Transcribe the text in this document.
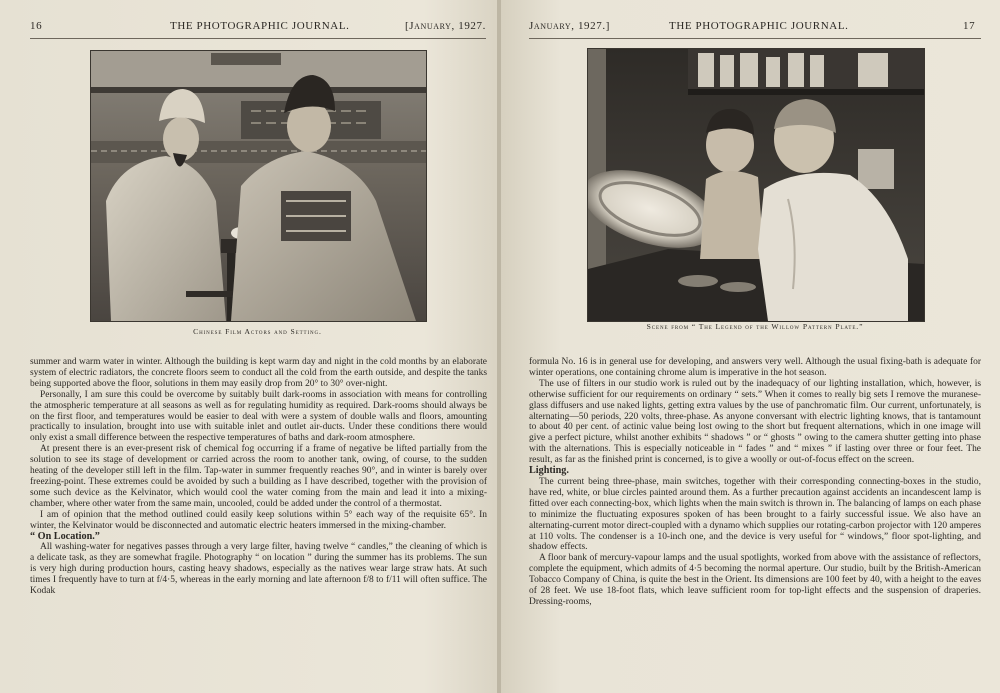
16	THE PHOTOGRAPHIC JOURNAL.	[January, 1927.
Chinese Film Actors and Setting.

summer and warm water in winter. Although the building is kept warm day and night in the cold months by an elaborate system of electric radiators, the concrete floors seem to conduct all the cold from the earth outside, and despite the tanks being supported above the floor, solutions in them may easily drop from 20° to 30° over-night.

Personally, I am sure this could be overcome by suitably built dark-rooms in association with means for controlling the atmospheric temperature at all seasons as well as for regulating humidity as required. Dark-rooms should always be on the first floor, and temperatures would be easier to deal with were a system of double walls and floors, amounting practically to insulation, brought into use with suitable inlet and outlet air-ducts. Under these conditions there would only exist a small difference between the respective temperatures of baths and dark-room atmosphere.

At present there is an ever-present risk of chemical fog occurring if a frame of negative be lifted partially from the solution to see its stage of development or carried across the room to another tank, owing, of course, to the sudden heating of the developer still left in the film. Tap-water in summer frequently reaches 90°, and in winter is barely over freezing-point. These extremes could be avoided by such a building as I have described, together with the provision of some such device as the Kelvinator, which would cool the water coming from the main and lead it into a mixing-chamber, where other water from the same main, uncooled, could be added under the control of a thermostat.

I am of opinion that the method outlined could easily keep solutions within 5° each way of the requisite 65°. In winter, the Kelvinator would be disconnected and automatic electric heaters immersed in the mixing-chamber.

“ On Location.”

All washing-water for negatives passes through a very large filter, having twelve “ candles,” the cleaning of which is a delicate task, as they are somewhat fragile. Photography “ on location ” during the summer has its problems. The sun is very high during production hours, casting heavy shadows, especially as the natives wear large straw hats. At such times I frequently have to turn at f/4·5, whereas in the early morning and late afternoon f/8 to f/11 will often suffice. The Kodak

January, 1927.]	THE PHOTOGRAPHIC JOURNAL.	17
Scene from “ The Legend of the Willow Pattern Plate.”

formula No. 16 is in general use for developing, and answers very well. Although the usual fixing-bath is adequate for winter operations, one containing chrome alum is imperative in the hot season.

The use of filters in our studio work is ruled out by the inadequacy of our lighting installation, which, however, is otherwise sufficient for our requirements on ordinary “ sets.” When it comes to really big sets I remove the muranese-glass diffusers and use naked lights, getting extra values by the use of panchromatic film. Our current, unfortunately, is alternating—50 periods, 220 volts, three-phase. As anyone conversant with electric lighting knows, that is tantamount to about 40 per cent. of actinic value being lost owing to the short but frequent alternations, which in one image will give a perfect picture, whilst another exhibits “ shadows ” or “ ghosts ” owing to the camera shutter getting into phase with the alternations. This is especially noticeable in “ fades ” and “ mixes ” if lasting over three or four feet. The result, as far as the finished print is concerned, is to give a woolly or out-of-focus effect on the screen.

Lighting.

The current being three-phase, main switches, together with their corresponding connecting-boxes in the studio, have red, white, or blue circles painted around them. As a further precaution against accidents an incandescent lamp is fitted over each connecting-box, which lights when the main switch is thrown in. The balancing of lamps on each phase to minimize the fluctuating exposures spoken of has been brought to a fairly successful issue. We also have an alternating-current motor direct-coupled with a dynamo which supplies our rotating-carbon projector with 120 amperes at 110 volts. The condenser is a 10-inch one, and the device is very useful for “ windows,” floor spot-lighting, and shadow effects.

A floor bank of mercury-vapour lamps and the usual spotlights, worked from above with the assistance of reflectors, complete the equipment, which admits of 4·5 becoming the normal aperture. Our studio, built by the British-American Tobacco Company of China, is quite the best in the Orient. Its dimensions are 100 feet by 40, with a height to the eaves of 28 feet. We use 18-foot flats, which leave sufficient room for top-light effects and the suspension of draperies. Dressing-rooms,
